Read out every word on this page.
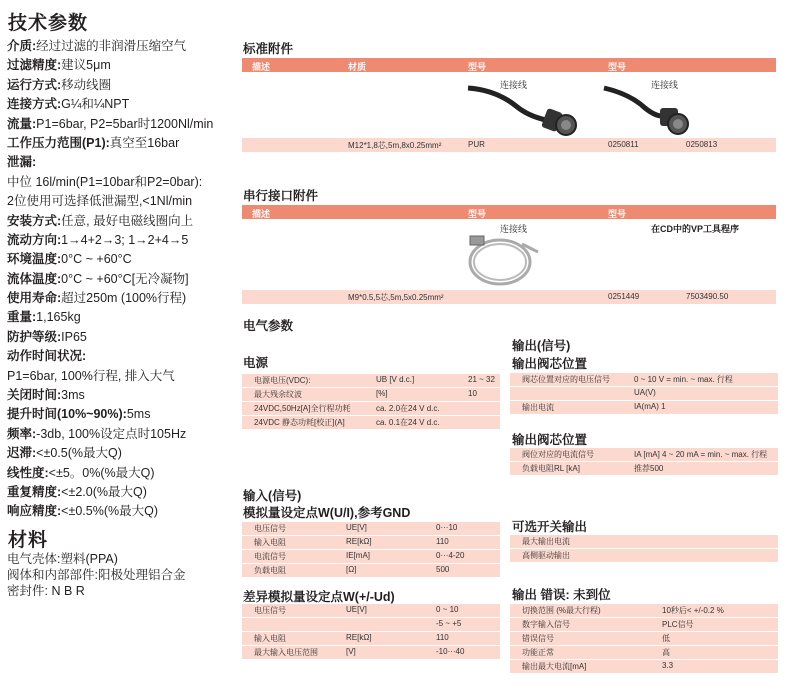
技术参数
介质:经过过滤的非润滑压缩空气
过滤精度:建议5μm
运行方式:移动线圈
连接方式:G¼和¼NPT
流量:P1=6bar, P2=5bar时1200Nl/min
工作压力范围(P1):真空至16bar
泄漏:
中位 16l/min(P1=10bar和P2=0bar):
2位使用可选择低泄漏型,<1Nl/min
安装方式:任意, 最好电磁线圈向上
流动方向:1→4+2→3; 1→2+4→5
环境温度:0°C ~ +60°C
流体温度:0°C ~ +60°C[无冷凝物]
使用寿命:超过250m (100%行程)
重量:1,165kg
防护等级:IP65
动作时间状况:
P1=6bar, 100%行程, 排入大气
关闭时间:3ms
提升时间(10%~90%):5ms
频率:-3db, 100%设定点时105Hz
迟滞:<±0.5(%最大Q)
线性度:<±5。0%(%最大Q)
重复精度:<±2.0(%最大Q)
响应精度:<±0.5%(%最大Q)
材料
电气壳体:塑料(PPA)
阀体和内部部件:阳极处理铝合金
密封件: N B R
标准附件
描述	材质	型号	型号
连接线	连接线
M12*1,8芯,5m,8x0.25mm²	PUR	0250811	0250813
串行接口附件
描述	型号	型号
连接线	在CD中的VP工具程序
M9*0.5,5芯,5m,5x0.25mm²	0251449	7503490.50
电气参数
电源
电源电压(VDC):	UB [V d.c.]	21 ~ 32
最大残余纹波	[%]	10
24VDC,50Hz[A]全行程功耗	ca. 2.0在24 V d.c.
24VDC 静态功耗[校正](A]	ca. 0.1在24 V d.c.
输出(信号)
输出阀芯位置
阀芯位置对应的电压信号	0 ~ 10 V = min. ~ max. 行程
UA(V)
输出电流	IA(mA) 1
输出阀芯位置
阀位对应的电流信号	IA [mA] 4 ~ 20 mA = min. ~ max. 行程
负载电阻RL [kA]	推荐500
输入(信号)
模拟量设定点W(U/I),参考GND
电压信号	UE[V]	0···10
输入电阻	RE[kΩ]	110
电流信号	IE[mA]	0···4-20
负载电阻	[Ω]	500
差异模拟量设定点W(+/-Ud)
电压信号	UE[V]	0 ~ 10
-5 ~ +5
输入电阻	RE[kΩ]	110
最大输入电压范围	[V]	-10···40
可选开关输出
最大输出电流
高侧驱动输出
输出 错误: 未到位
切换范围 (%最大行程)	10秒后< +/-0.2 %
数字输入信号	PLC信号
错误信号	低
功能正常	高
输出最大电流[mA]	3.3
